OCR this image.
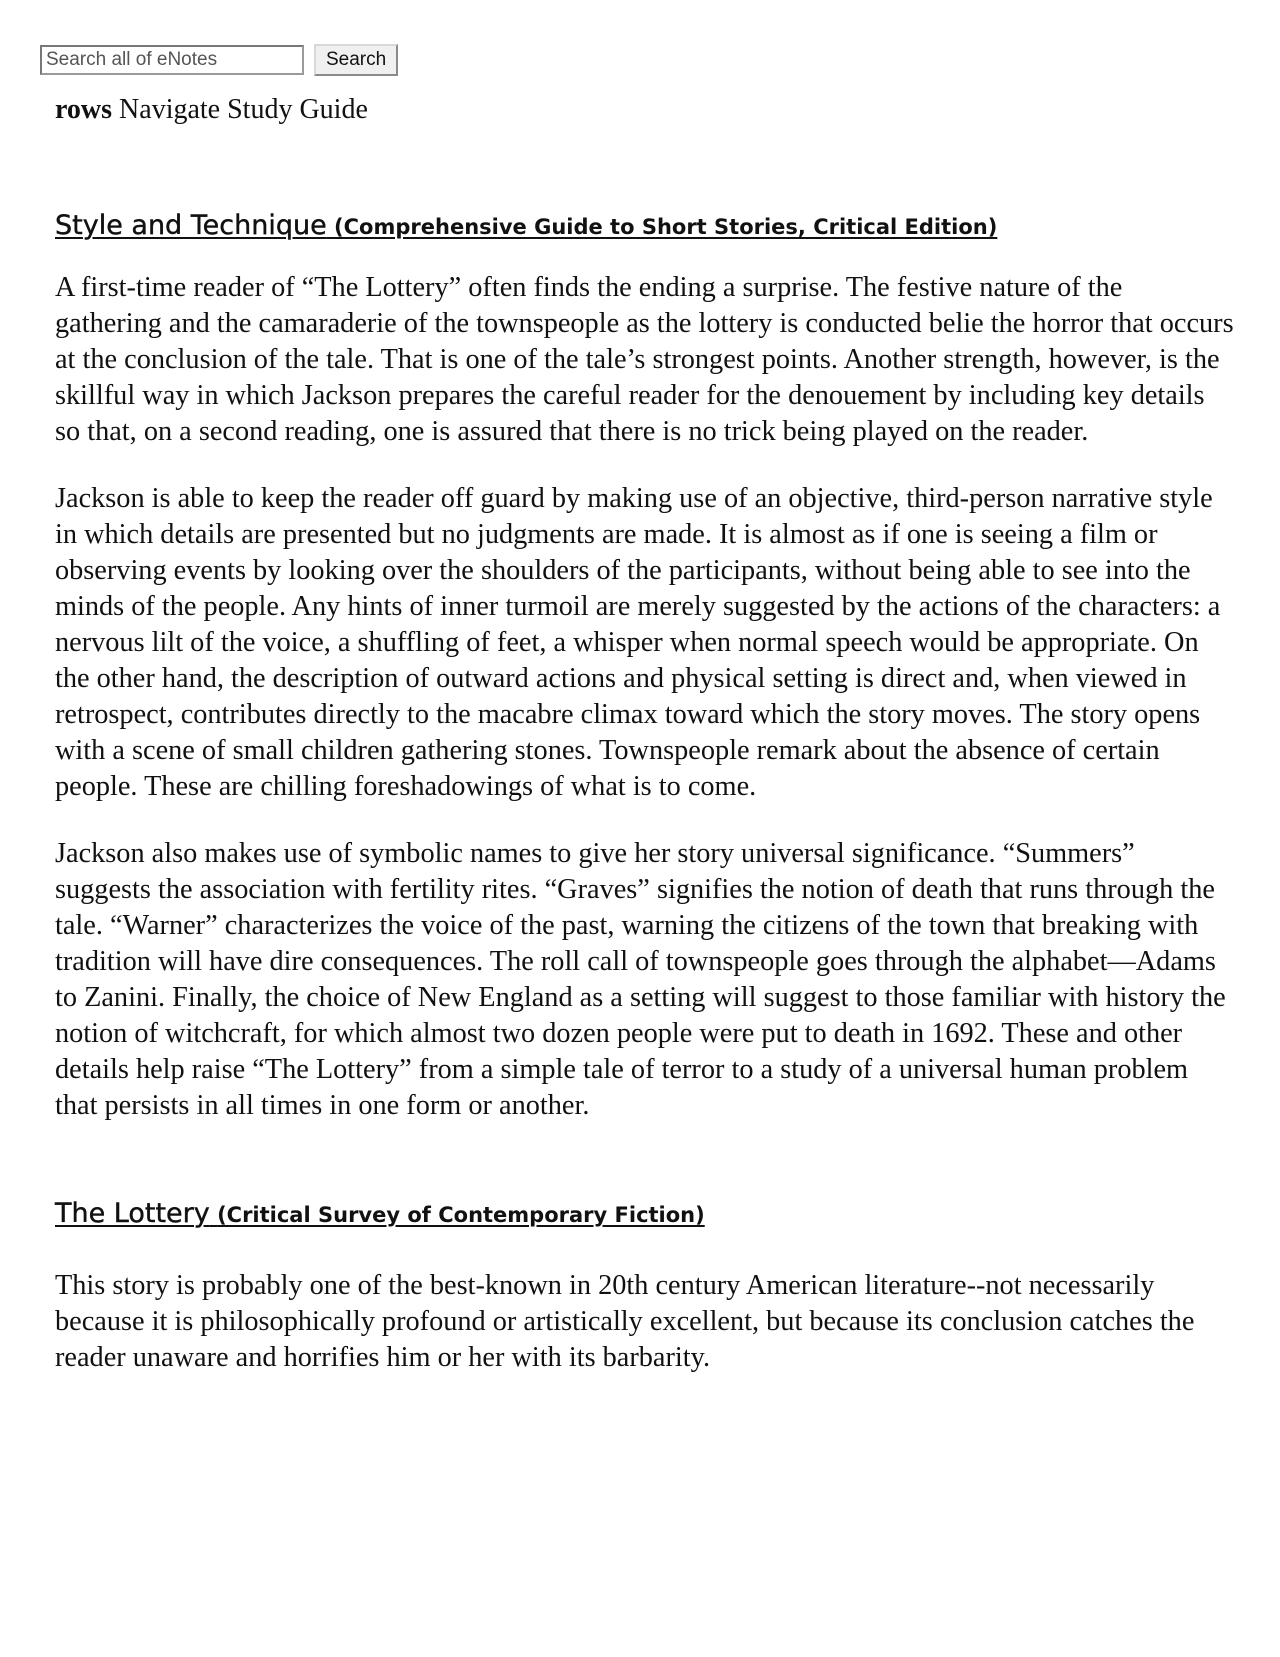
Search all of eNotes
Search

rows Navigate Study Guide

Style and Technique (Comprehensive Guide to Short Stories, Critical Edition)

A first-time reader of “The Lottery” often finds the ending a surprise. The festive nature of the gathering and the camaraderie of the townspeople as the lottery is conducted belie the horror that occurs at the conclusion of the tale. That is one of the tale’s strongest points. Another strength, however, is the skillful way in which Jackson prepares the careful reader for the denouement by including key details so that, on a second reading, one is assured that there is no trick being played on the reader.

Jackson is able to keep the reader off guard by making use of an objective, third-person narrative style in which details are presented but no judgments are made. It is almost as if one is seeing a film or observing events by looking over the shoulders of the participants, without being able to see into the minds of the people. Any hints of inner turmoil are merely suggested by the actions of the characters: a nervous lilt of the voice, a shuffling of feet, a whisper when normal speech would be appropriate. On the other hand, the description of outward actions and physical setting is direct and, when viewed in retrospect, contributes directly to the macabre climax toward which the story moves. The story opens with a scene of small children gathering stones. Townspeople remark about the absence of certain people. These are chilling foreshadowings of what is to come.

Jackson also makes use of symbolic names to give her story universal significance. “Summers” suggests the association with fertility rites. “Graves” signifies the notion of death that runs through the tale. “Warner” characterizes the voice of the past, warning the citizens of the town that breaking with tradition will have dire consequences. The roll call of townspeople goes through the alphabet—Adams to Zanini. Finally, the choice of New England as a setting will suggest to those familiar with history the notion of witchcraft, for which almost two dozen people were put to death in 1692. These and other details help raise “The Lottery” from a simple tale of terror to a study of a universal human problem that persists in all times in one form or another.

The Lottery (Critical Survey of Contemporary Fiction)

This story is probably one of the best-known in 20th century American literature--not necessarily because it is philosophically profound or artistically excellent, but because its conclusion catches the reader unaware and horrifies him or her with its barbarity.
